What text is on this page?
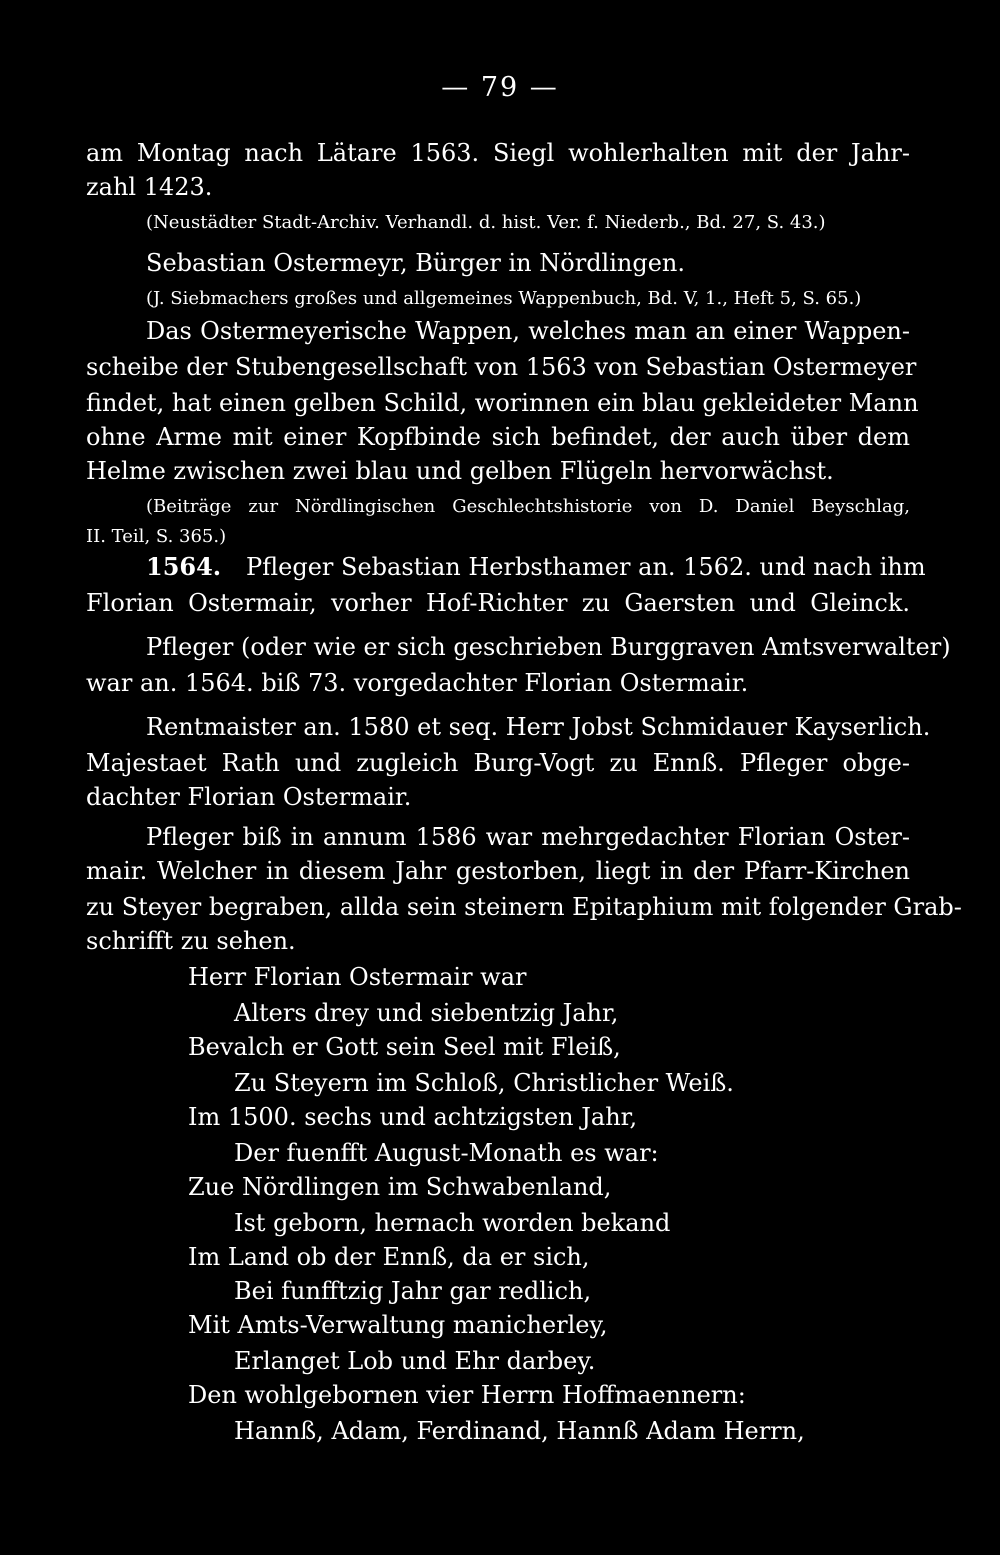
— 79 —
am Montag nach Lätare 1563. Siegl wohlerhalten mit der Jahr-
zahl 1423.
(Neustädter Stadt-Archiv. Verhandl. d. hist. Ver. f. Niederb., Bd. 27, S. 43.)
Sebastian Ostermeyr, Bürger in Nördlingen.
(J. Siebmachers großes und allgemeines Wappenbuch, Bd. V, 1., Heft 5, S. 65.)
Das Ostermeyerische Wappen, welches man an einer Wappen-
scheibe der Stubengesellschaft von 1563 von Sebastian Ostermeyer
findet, hat einen gelben Schild, worinnen ein blau gekleideter Mann
ohne Arme mit einer Kopfbinde sich befindet, der auch über dem
Helme zwischen zwei blau und gelben Flügeln hervorwächst.
(Beiträge zur Nördlingischen Geschlechtshistorie von D. Daniel Beyschlag,
II. Teil, S. 365.)
1564. Pfleger Sebastian Herbsthamer an. 1562. und nach ihm
Florian Ostermair, vorher Hof-Richter zu Gaersten und Gleinck.
Pfleger (oder wie er sich geschrieben Burggraven Amtsverwalter)
war an. 1564. biß 73. vorgedachter Florian Ostermair.
Rentmaister an. 1580 et seq. Herr Jobst Schmidauer Kayserlich.
Majestaet Rath und zugleich Burg-Vogt zu Ennß. Pfleger obge-
dachter Florian Ostermair.
Pfleger biß in annum 1586 war mehrgedachter Florian Oster-
mair. Welcher in diesem Jahr gestorben, liegt in der Pfarr-Kirchen
zu Steyer begraben, allda sein steinern Epitaphium mit folgender Grab-
schrifft zu sehen.
Herr Florian Ostermair war
Alters drey und siebentzig Jahr,
Bevalch er Gott sein Seel mit Fleiß,
Zu Steyern im Schloß, Christlicher Weiß.
Im 1500. sechs und achtzigsten Jahr,
Der fuenfft August-Monath es war:
Zue Nördlingen im Schwabenland,
Ist geborn, hernach worden bekand
Im Land ob der Ennß, da er sich,
Bei funfftzig Jahr gar redlich,
Mit Amts-Verwaltung manicherley,
Erlanget Lob und Ehr darbey.
Den wohlgebornen vier Herrn Hoffmaennern:
Hannß, Adam, Ferdinand, Hannß Adam Herrn,
